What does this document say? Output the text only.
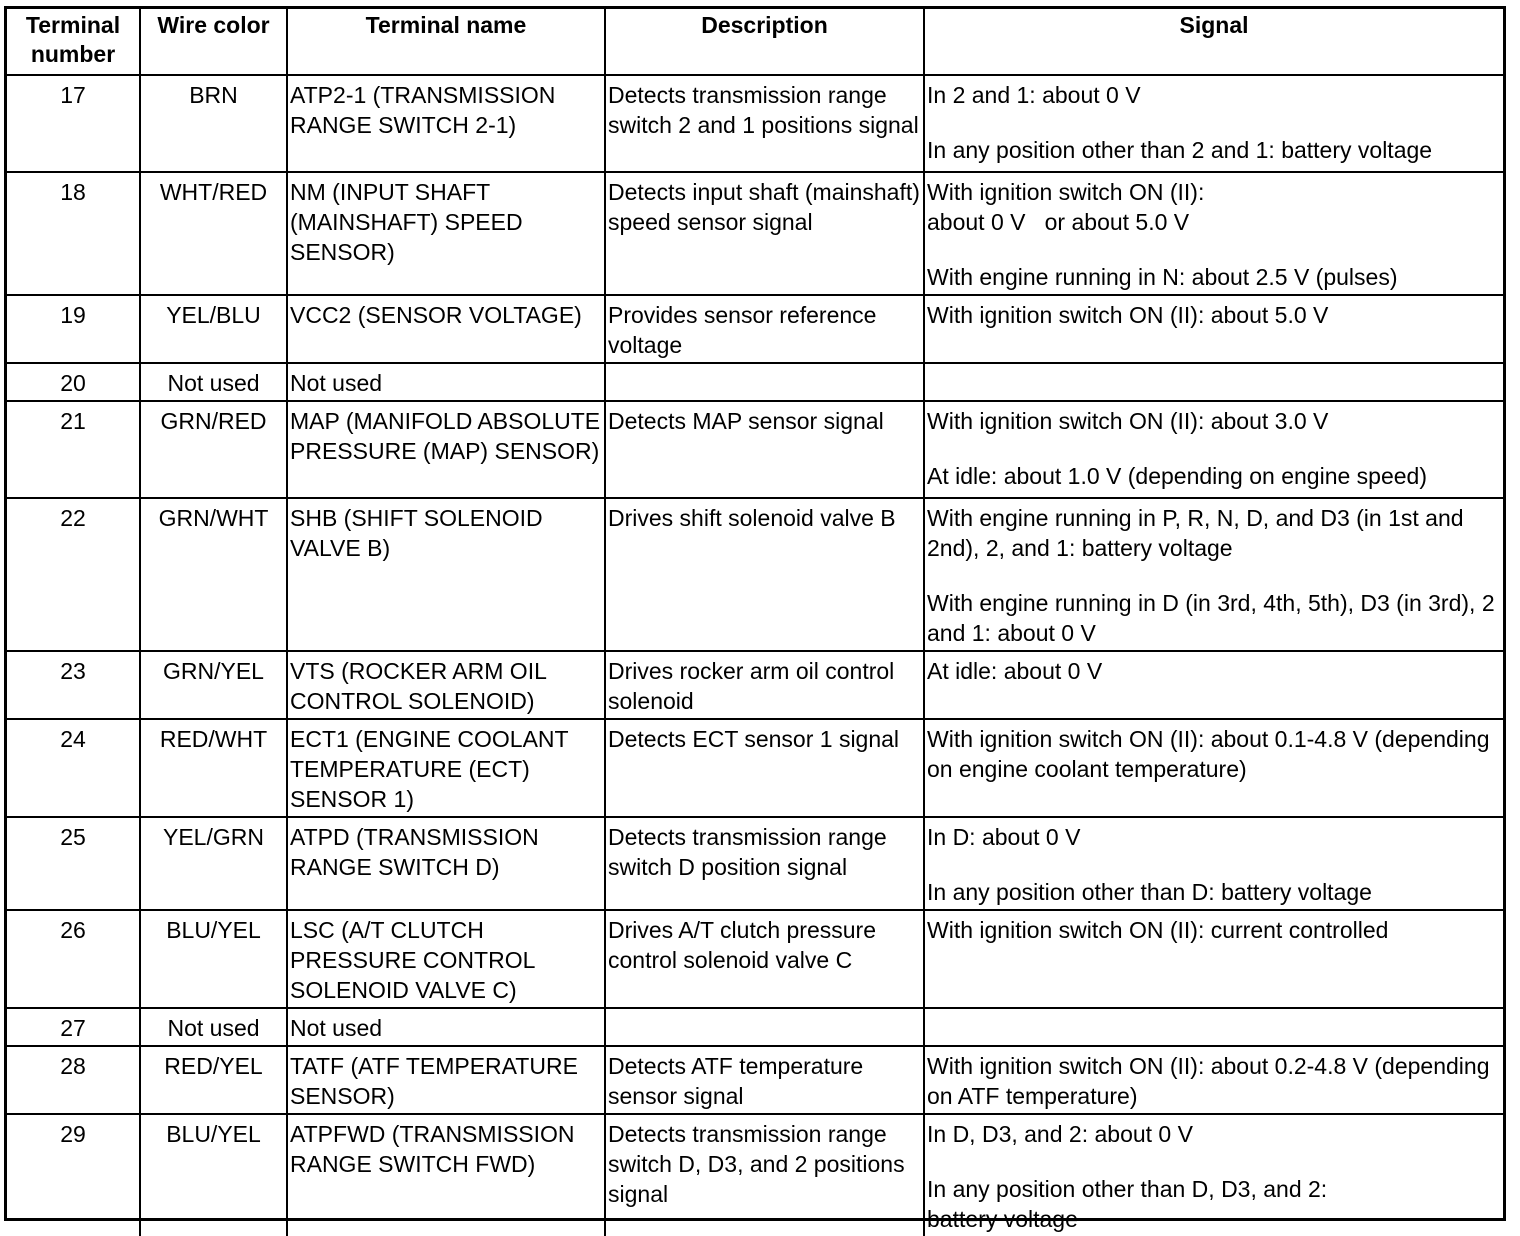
Terminal
number	Wire color	Terminal name	Description	Signal
17	BRN	ATP2-1 (TRANSMISSION RANGE SWITCH 2-1)	Detects transmission range switch 2 and 1 positions signal	In 2 and 1: about 0 V

In any position other than 2 and 1: battery voltage

18	WHT/RED	NM (INPUT SHAFT (MAINSHAFT) SPEED SENSOR)	Detects input shaft (mainshaft) speed sensor signal	With ignition switch ON (II):
about 0 V   or about 5.0 V

With engine running in N: about 2.5 V (pulses)

19	YEL/BLU	VCC2 (SENSOR VOLTAGE)	Provides sensor reference voltage	With ignition switch ON (II): about 5.0 V

20	Not used	Not used		
21	GRN/RED	MAP (MANIFOLD ABSOLUTE PRESSURE (MAP) SENSOR)	Detects MAP sensor signal	With ignition switch ON (II): about 3.0 V

At idle: about 1.0 V (depending on engine speed)

22	GRN/WHT	SHB (SHIFT SOLENOID VALVE B)	Drives shift solenoid valve B	With engine running in P, R, N, D, and D3 (in 1st and 2nd), 2, and 1: battery voltage

With engine running in D (in 3rd, 4th, 5th), D3 (in 3rd), 2 and 1: about 0 V

23	GRN/YEL	VTS (ROCKER ARM OIL CONTROL SOLENOID)	Drives rocker arm oil control solenoid	At idle: about 0 V

24	RED/WHT	ECT1 (ENGINE COOLANT TEMPERATURE (ECT) SENSOR 1)	Detects ECT sensor 1 signal	With ignition switch ON (II): about 0.1-4.8 V (depending on engine coolant temperature)

25	YEL/GRN	ATPD (TRANSMISSION RANGE SWITCH D)	Detects transmission range switch D position signal	In D: about 0 V

In any position other than D: battery voltage

26	BLU/YEL	LSC (A/T CLUTCH PRESSURE CONTROL SOLENOID VALVE C)	Drives A/T clutch pressure control solenoid valve C	With ignition switch ON (II): current controlled

27	Not used	Not used		
28	RED/YEL	TATF (ATF TEMPERATURE SENSOR)	Detects ATF temperature sensor signal	With ignition switch ON (II): about 0.2-4.8 V (depending on ATF temperature)

29	BLU/YEL	ATPFWD (TRANSMISSION RANGE SWITCH FWD)	Detects transmission range switch D, D3, and 2 positions signal	In D, D3, and 2: about 0 V

In any position other than D, D3, and 2:

battery voltage
